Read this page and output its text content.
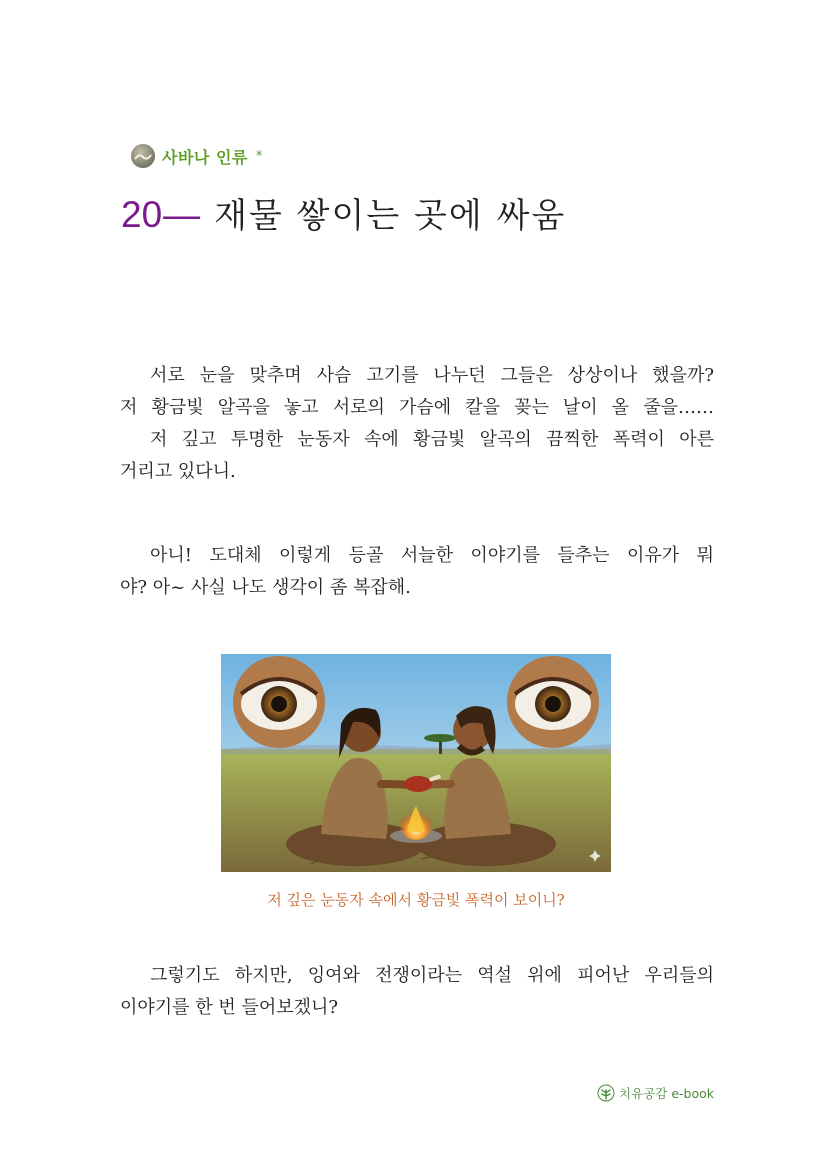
사바나 인류 *
20 — 재물 쌓이는 곳에 싸움

서로 눈을 맞추며 사슴 고기를 나누던 그들은 상상이나 했을까?
저 황금빛 알곡을 놓고 서로의 가슴에 칼을 꽂는 날이 올 줄을……
저 깊고 투명한 눈동자 속에 황금빛 알곡의 끔찍한 폭력이 아른
거리고 있다니.

아니! 도대체 이렇게 등골 서늘한 이야기를 들추는 이유가 뭐
야? 아~ 사실 나도 생각이 좀 복잡해.

저 깊은 눈동자 속에서 황금빛 폭력이 보이니?

그렇기도 하지만, 잉여와 전쟁이라는 역설 위에 피어난 우리들의
이야기를 한 번 들어보겠니?

치유공감 e-book
